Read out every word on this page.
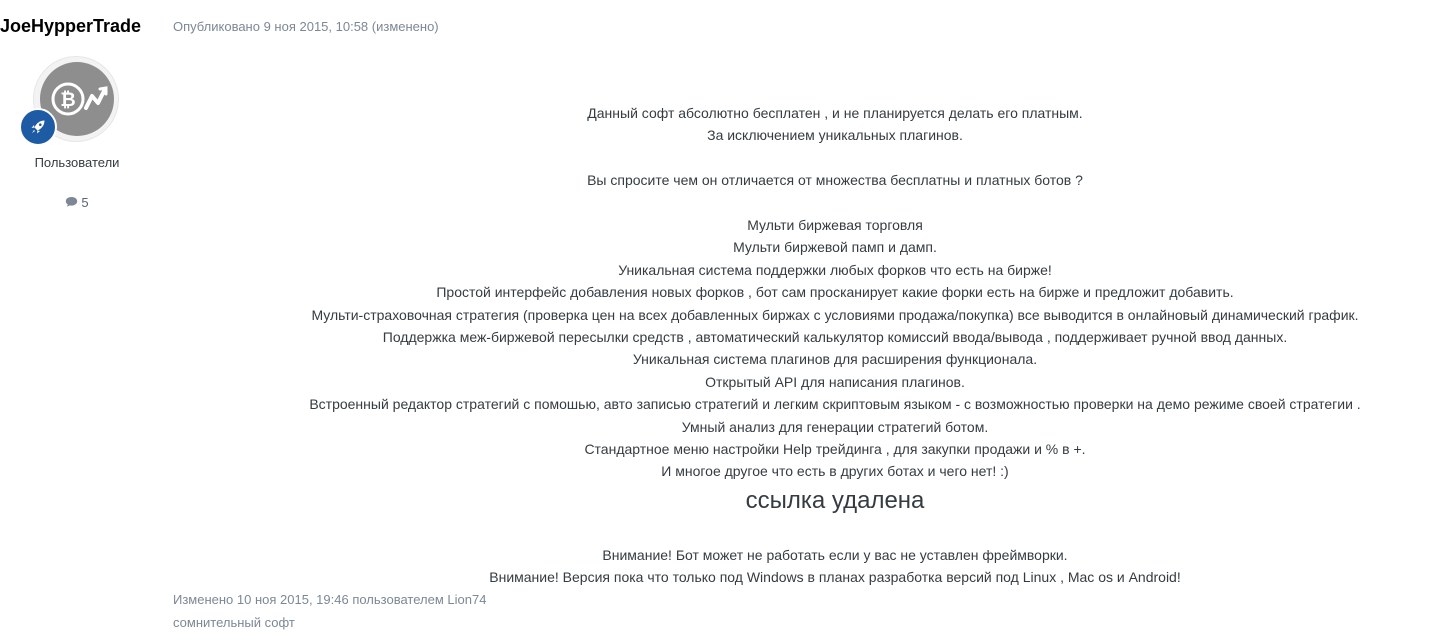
JoeHypperTrade
₿
Пользователи
5
Опубликовано 9 ноя 2015, 10:58 (изменено)

Данный софт абсолютно бесплатен , и не планируется делать его платным.

За исключением уникальных плагинов.

Вы спросите чем он отличается от множества бесплатны и платных ботов ?

Мульти биржевая торговля

Мульти биржевой памп и дамп.

Уникальная система поддержки любых форков что есть на бирже!

Простой интерфейс добавления новых форков , бот сам просканирует какие форки есть на бирже и предложит добавить.

Мульти-страховочная стратегия (проверка цен на всех добавленных биржах с условиями продажа/покупка) все выводится в онлайновый динамический график.

Поддержка меж-биржевой пересылки средств , автоматический калькулятор комиссий ввода/вывода , поддерживает ручной ввод данных.

Уникальная система плагинов для расширения функционала.

Открытый API для написания плагинов.

Встроенный редактор стратегий с помошью, авто записью стратегий и легким скриптовым языком - с возможностью проверки на демо режиме своей стратегии .

Умный анализ для генерации стратегий ботом.

Стандартное меню настройки Help трейдинга , для закупки продажи и % в +.

И многое другое что есть в других ботах и чего нет! :)

ссылка удалена

Внимание! Бот может не работать если у вас не уставлен фреймворки.

Внимание! Версия пока что только под Windows в планах разработка версий под Linux , Mac os и Android!

Изменено 10 ноя 2015, 19:46 пользователем Lion74
сомнительный софт
